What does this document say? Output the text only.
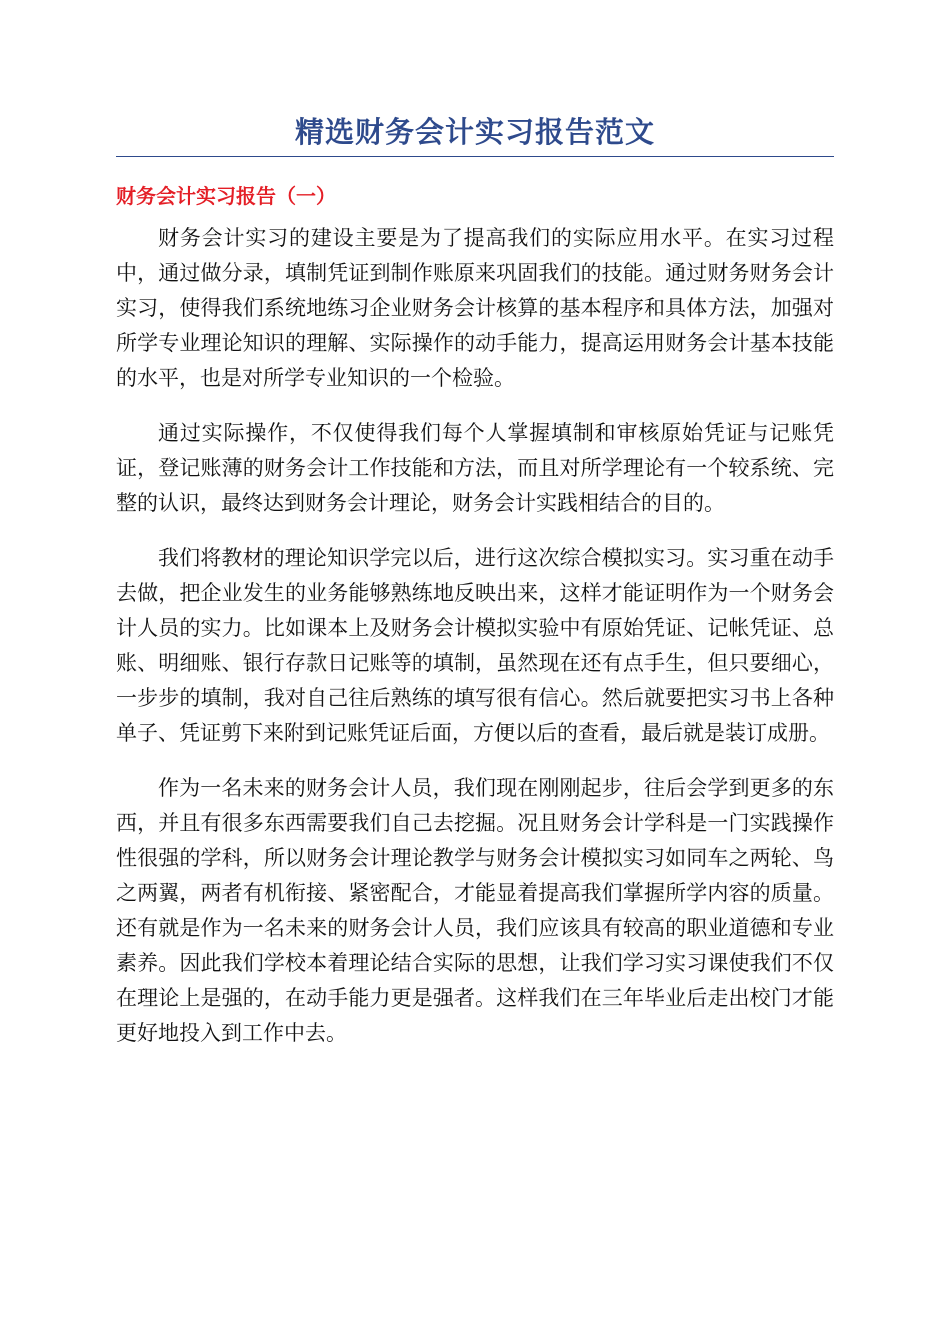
精选财务会计实习报告范文
财务会计实习报告（一）

财务会计实习的建设主要是为了提高我们的实际应用水平。在实习过程中，通过做分录，填制凭证到制作账原来巩固我们的技能。通过财务财务会计实习，使得我们系统地练习企业财务会计核算的基本程序和具体方法，加强对所学专业理论知识的理解、实际操作的动手能力，提高运用财务会计基本技能的水平，也是对所学专业知识的一个检验。

通过实际操作，不仅使得我们每个人掌握填制和审核原始凭证与记账凭证，登记账薄的财务会计工作技能和方法，而且对所学理论有一个较系统、完整的认识，最终达到财务会计理论，财务会计实践相结合的目的。

我们将教材的理论知识学完以后，进行这次综合模拟实习。实习重在动手去做，把企业发生的业务能够熟练地反映出来，这样才能证明作为一个财务会计人员的实力。比如课本上及财务会计模拟实验中有原始凭证、记帐凭证、总账、明细账、银行存款日记账等的填制，虽然现在还有点手生，但只要细心，一步步的填制，我对自己往后熟练的填写很有信心。然后就要把实习书上各种单子、凭证剪下来附到记账凭证后面，方便以后的查看，最后就是装订成册。

作为一名未来的财务会计人员，我们现在刚刚起步，往后会学到更多的东西，并且有很多东西需要我们自己去挖掘。况且财务会计学科是一门实践操作性很强的学科，所以财务会计理论教学与财务会计模拟实习如同车之两轮、鸟之两翼，两者有机衔接、紧密配合，才能显着提高我们掌握所学内容的质量。还有就是作为一名未来的财务会计人员，我们应该具有较高的职业道德和专业素养。因此我们学校本着理论结合实际的思想，让我们学习实习课使我们不仅在理论上是强的，在动手能力更是强者。这样我们在三年毕业后走出校门才能更好地投入到工作中去。
